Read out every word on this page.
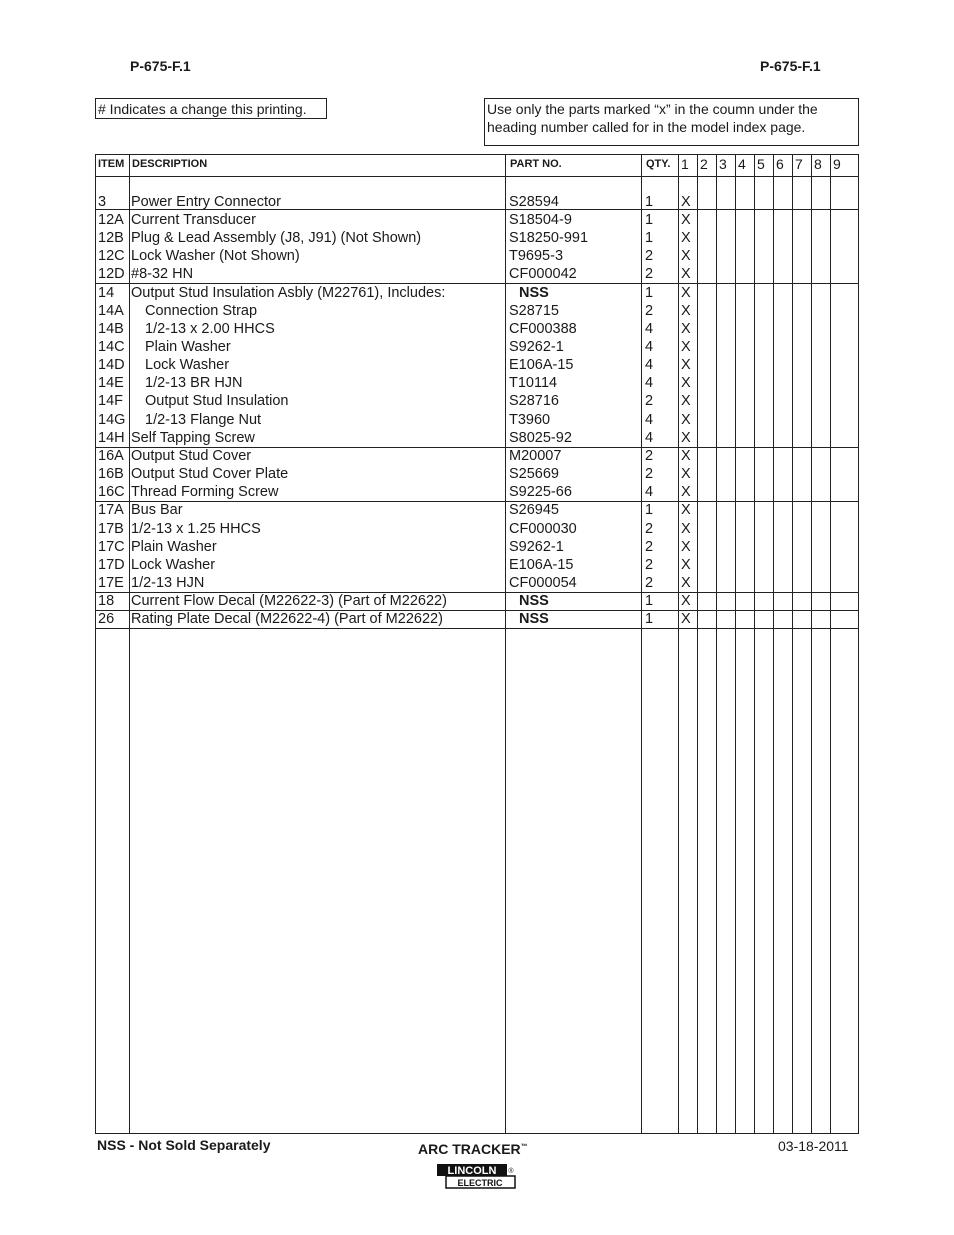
P-675-F.1	P-675-F.1
# Indicates a change this printing.	Use only the parts marked “x” in the coumn under the heading number called for in the model index page.
ITEM DESCRIPTION	PART NO.	QTY. 1 2 3 4 5 6 7 8 9
3 Power Entry Connector	S28594	1 X
12A Current Transducer	S18504-9	1 X
12B Plug & Lead Assembly (J8, J91) (Not Shown)	S18250-991	1 X
12C Lock Washer (Not Shown)	T9695-3	2 X
12D #8-32 HN	CF000042	2 X
14 Output Stud Insulation Asbly (M22761), Includes:	NSS	1 X
14A	Connection Strap	S28715	2 X
14B	1/2-13 x 2.00 HHCS	CF000388	4 X
14C	Plain Washer	S9262-1	4 X
14D	Lock Washer	E106A-15	4 X
14E	1/2-13 BR HJN	T10114	4 X
14F	Output Stud Insulation	S28716	2 X
14G	1/2-13 Flange Nut	T3960	4 X
14H Self Tapping Screw	S8025-92	4 X
16A Output Stud Cover	M20007	2 X
16B Output Stud Cover Plate	S25669	2 X
16C Thread Forming Screw	S9225-66	4 X
17A Bus Bar	S26945	1 X
17B 1/2-13 x 1.25 HHCS	CF000030	2 X
17C Plain Washer	S9262-1	2 X
17D Lock Washer	E106A-15	2 X
17E 1/2-13 HJN	CF000054	2 X
18 Current Flow Decal (M22622-3) (Part of M22622)	NSS	1 X
26 Rating Plate Decal (M22622-4) (Part of M22622)	NSS	1 X
NSS - Not Sold Separately	ARC TRACKER™	03-18-2011
LINCOLN ®
ELECTRIC
